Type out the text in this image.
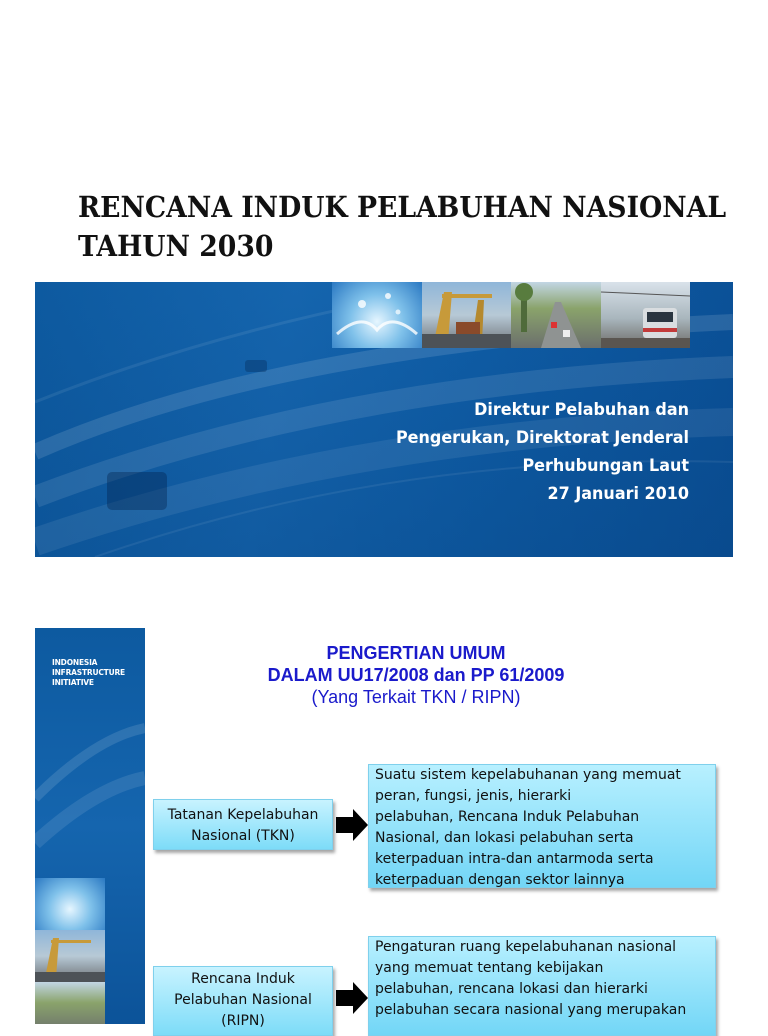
RENCANA INDUK PELABUHAN NASIONAL
TAHUN 2030
Direktur Pelabuhan dan
Pengerukan, Direktorat Jenderal
Perhubungan Laut
27 Januari 2010
INDONESIA
INFRASTRUCTURE
INITIATIVE
PENGERTIAN UMUM
DALAM UU17/2008 dan PP 61/2009
(Yang Terkait TKN / RIPN)
Tatanan Kepelabuhan
Nasional (TKN)
Suatu sistem kepelabuhanan yang memuat
peran, fungsi, jenis, hierarki
pelabuhan, Rencana Induk Pelabuhan
Nasional, dan lokasi pelabuhan serta
keterpaduan intra-dan antarmoda serta
keterpaduan dengan sektor lainnya
Rencana Induk
Pelabuhan Nasional
(RIPN)
Pengaturan ruang kepelabuhanan nasional
yang memuat tentang kebijakan
pelabuhan, rencana lokasi dan hierarki
pelabuhan secara nasional yang merupakan
